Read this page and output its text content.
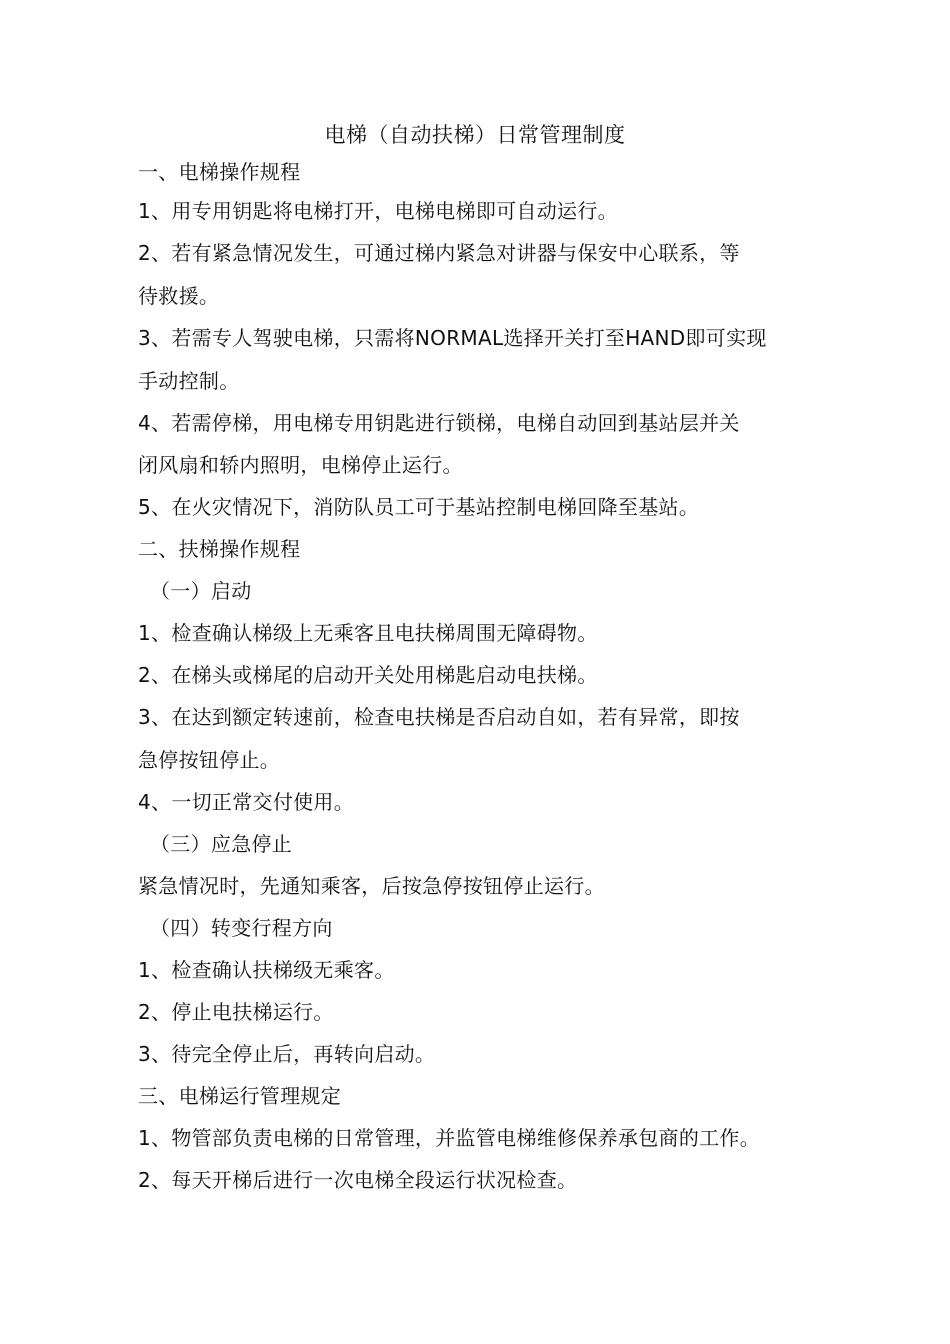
电梯（自动扶梯）日常管理制度
一、电梯操作规程
1、用专用钥匙将电梯打开，电梯电梯即可自动运行。
2、若有紧急情况发生，可通过梯内紧急对讲器与保安中心联系，等
待救援。
3、若需专人驾驶电梯，只需将NORMAL选择开关打至HAND即可实现
手动控制。
4、若需停梯，用电梯专用钥匙进行锁梯，电梯自动回到基站层并关
闭风扇和轿内照明，电梯停止运行。
5、在火灾情况下，消防队员工可于基站控制电梯回降至基站。
二、扶梯操作规程
（一）启动
1、检查确认梯级上无乘客且电扶梯周围无障碍物。
2、在梯头或梯尾的启动开关处用梯匙启动电扶梯。
3、在达到额定转速前，检查电扶梯是否启动自如，若有异常，即按
急停按钮停止。
4、一切正常交付使用。
（三）应急停止
紧急情况时，先通知乘客，后按急停按钮停止运行。
（四）转变行程方向
1、检查确认扶梯级无乘客。
2、停止电扶梯运行。
3、待完全停止后，再转向启动。
三、电梯运行管理规定
1、物管部负责电梯的日常管理，并监管电梯维修保养承包商的工作。
2、每天开梯后进行一次电梯全段运行状况检查。
